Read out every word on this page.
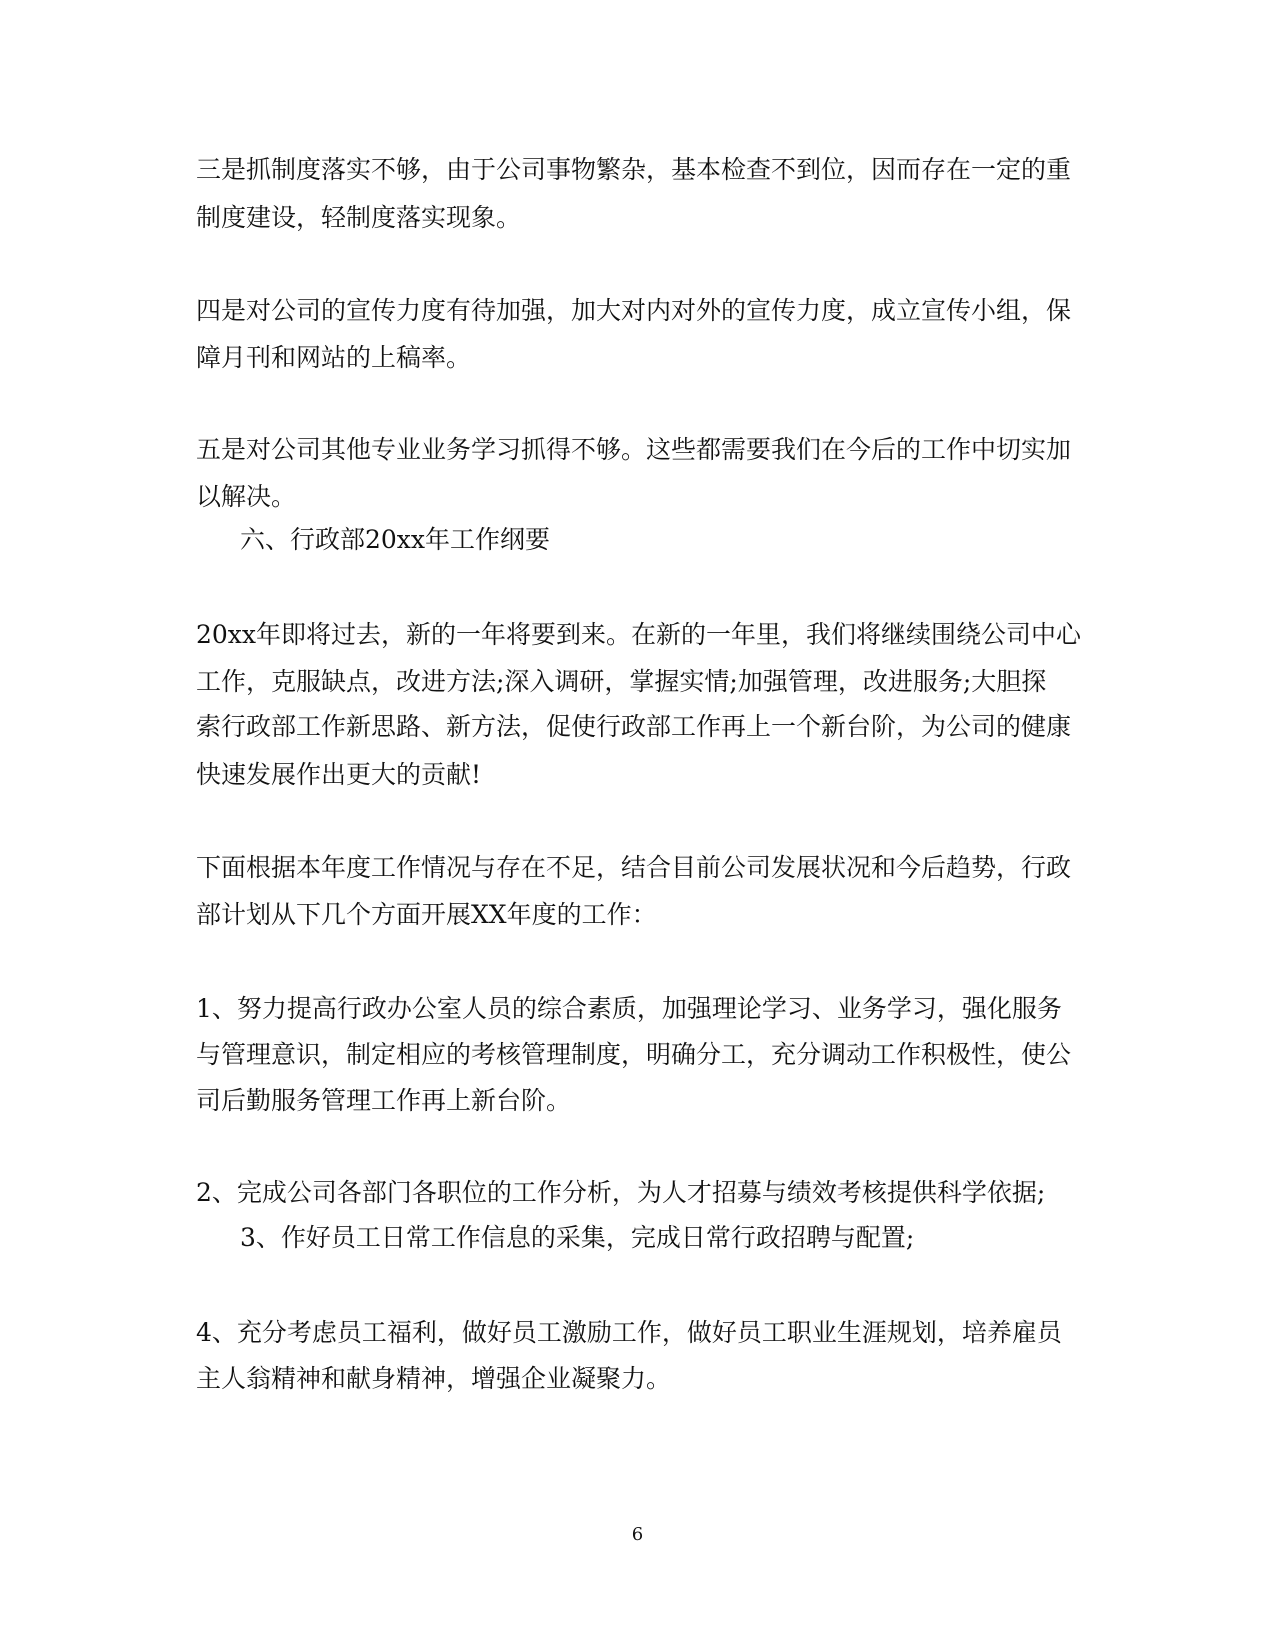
三是抓制度落实不够，由于公司事物繁杂，基本检查不到位，因而存在一定的重
制度建设，轻制度落实现象。
四是对公司的宣传力度有待加强，加大对内对外的宣传力度，成立宣传小组，保
障月刊和网站的上稿率。
五是对公司其他专业业务学习抓得不够。这些都需要我们在今后的工作中切实加
以解决。
六、行政部20xx年工作纲要
20xx年即将过去，新的一年将要到来。在新的一年里，我们将继续围绕公司中心
工作，克服缺点，改进方法;深入调研，掌握实情;加强管理，改进服务;大胆探
索行政部工作新思路、新方法，促使行政部工作再上一个新台阶，为公司的健康
快速发展作出更大的贡献!
下面根据本年度工作情况与存在不足，结合目前公司发展状况和今后趋势，行政
部计划从下几个方面开展XX年度的工作：
1、努力提高行政办公室人员的综合素质，加强理论学习、业务学习，强化服务
与管理意识，制定相应的考核管理制度，明确分工，充分调动工作积极性，使公
司后勤服务管理工作再上新台阶。
2、完成公司各部门各职位的工作分析，为人才招募与绩效考核提供科学依据;
3、作好员工日常工作信息的采集，完成日常行政招聘与配置;
4、充分考虑员工福利，做好员工激励工作，做好员工职业生涯规划，培养雇员
主人翁精神和献身精神，增强企业凝聚力。
6
